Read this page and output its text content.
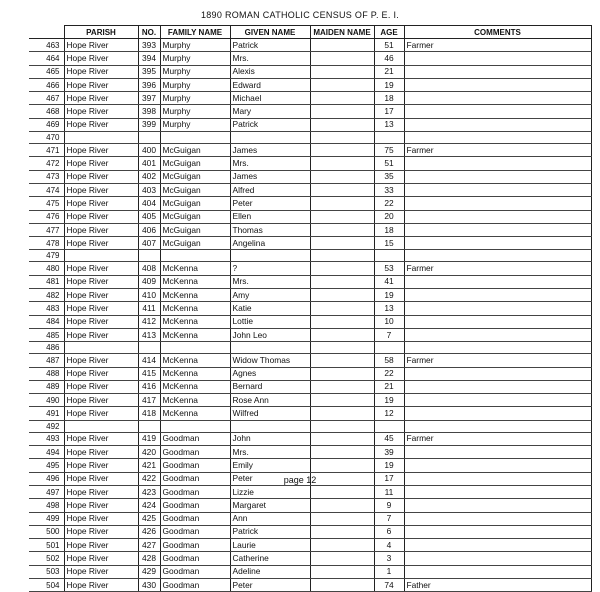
1890 ROMAN CATHOLIC CENSUS OF P. E. I.
	PARISH	NO.	FAMILY NAME	GIVEN NAME	MAIDEN NAME	AGE	COMMENTS
463	Hope River	393	Murphy	Patrick		51	Farmer
464	Hope River	394	Murphy	Mrs.		46	
465	Hope River	395	Murphy	Alexis		21	
466	Hope River	396	Murphy	Edward		19	
467	Hope River	397	Murphy	Michael		18	
468	Hope River	398	Murphy	Mary		17	
469	Hope River	399	Murphy	Patrick		13	
470							
471	Hope River	400	McGuigan	James		75	Farmer
472	Hope River	401	McGuigan	Mrs.		51	
473	Hope River	402	McGuigan	James		35	
474	Hope River	403	McGuigan	Alfred		33	
475	Hope River	404	McGuigan	Peter		22	
476	Hope River	405	McGuigan	Ellen		20	
477	Hope River	406	McGuigan	Thomas		18	
478	Hope River	407	McGuigan	Angelina		15	
479							
480	Hope River	408	McKenna	?		53	Farmer
481	Hope River	409	McKenna	Mrs.		41	
482	Hope River	410	McKenna	Amy		19	
483	Hope River	411	McKenna	Katie		13	
484	Hope River	412	McKenna	Lottie		10	
485	Hope River	413	McKenna	John Leo		7	
486							
487	Hope River	414	McKenna	Widow Thomas		58	Farmer
488	Hope River	415	McKenna	Agnes		22	
489	Hope River	416	McKenna	Bernard		21	
490	Hope River	417	McKenna	Rose Ann		19	
491	Hope River	418	McKenna	Wilfred		12	
492							
493	Hope River	419	Goodman	John		45	Farmer
494	Hope River	420	Goodman	Mrs.		39	
495	Hope River	421	Goodman	Emily		19	
496	Hope River	422	Goodman	Peter		17	
497	Hope River	423	Goodman	Lizzie		11	
498	Hope River	424	Goodman	Margaret		9	
499	Hope River	425	Goodman	Ann		7	
500	Hope River	426	Goodman	Patrick		6	
501	Hope River	427	Goodman	Laurie		4	
502	Hope River	428	Goodman	Catherine		3	
503	Hope River	429	Goodman	Adeline		1	
504	Hope River	430	Goodman	Peter		74	Father
page 12
